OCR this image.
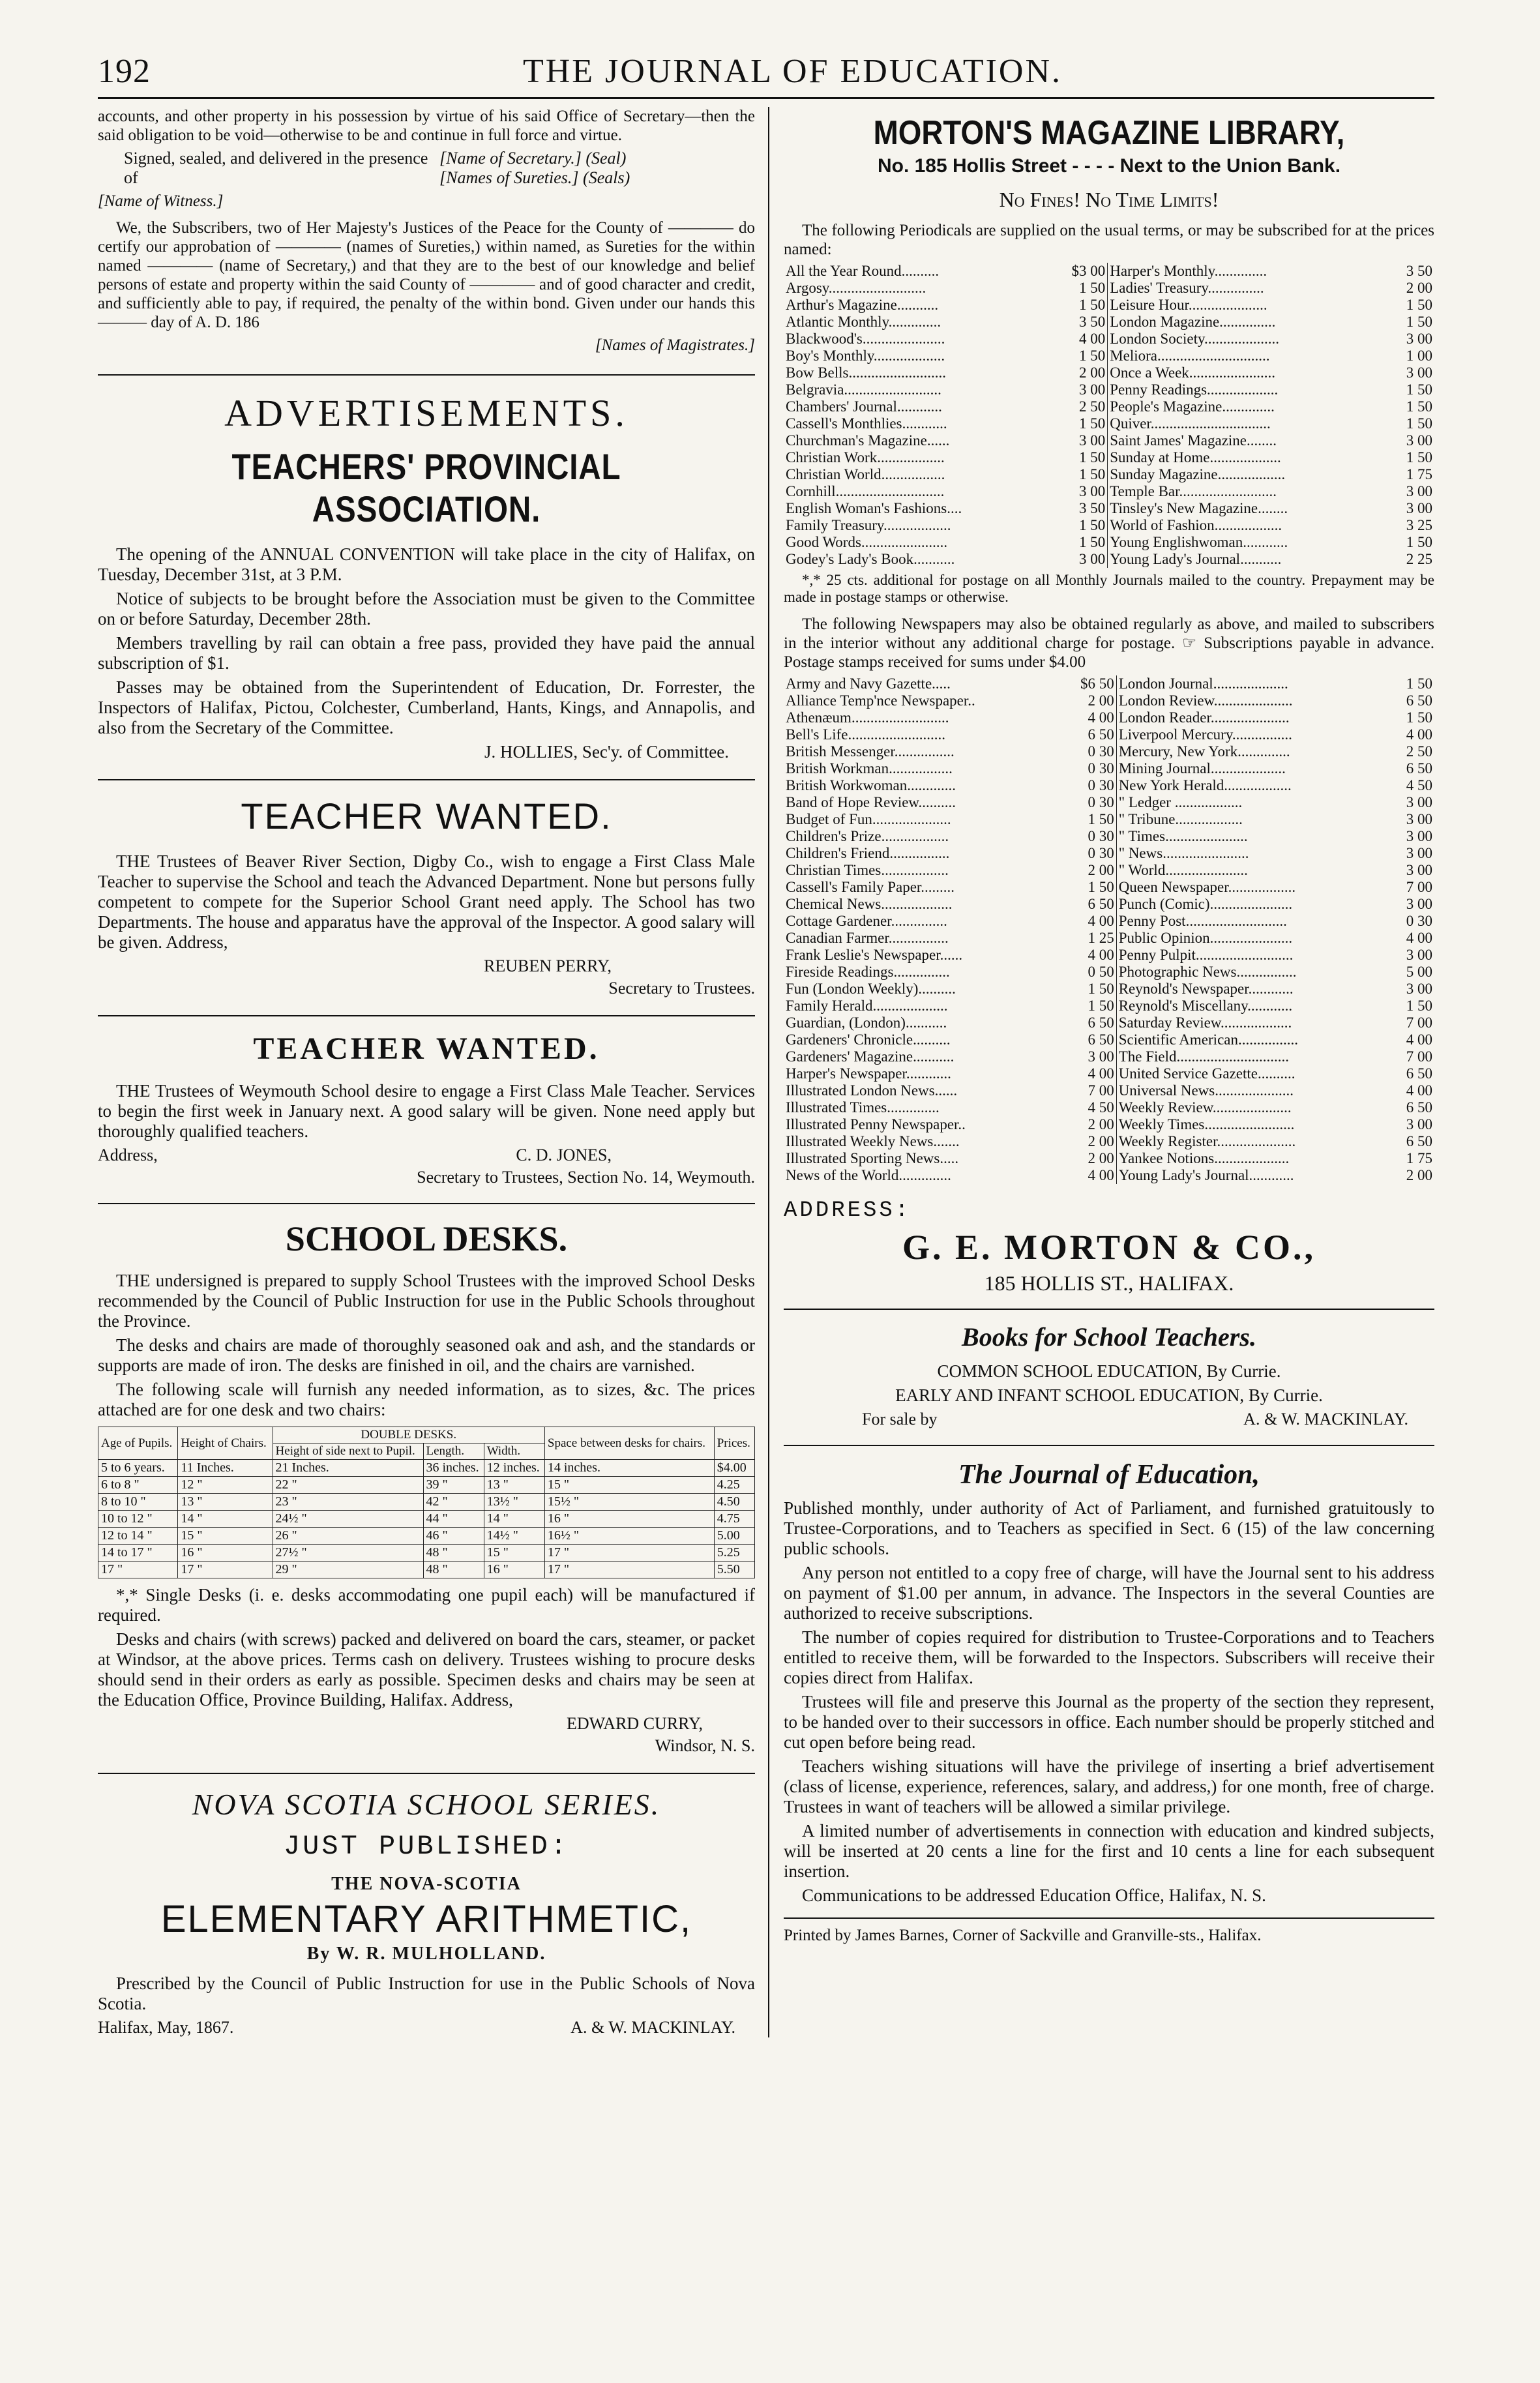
192	THE JOURNAL OF EDUCATION.

accounts, and other property in his possession by virtue of his said Office of Secretary—then the said obligation to be void—otherwise to be and continue in full force and virtue.

Signed, sealed, and delivered in the presence of
[Name of Secretary.] (Seal)
[Names of Sureties.] (Seals)

[Name of Witness.]

We, the Subscribers, two of Her Majesty's Justices of the Peace for the County of ———— do certify our approbation of ———— (names of Sureties,) within named, as Sureties for the within named ———— (name of Secretary,) and that they are to the best of our knowledge and belief persons of estate and property within the said County of ———— and of good character and credit, and sufficiently able to pay, if required, the penalty of the within bond. Given under our hands this ——— day of A. D. 186

[Names of Magistrates.]

ADVERTISEMENTS.
TEACHERS' PROVINCIAL ASSOCIATION.

The opening of the ANNUAL CONVENTION will take place in the city of Halifax, on Tuesday, December 31st, at 3 P.M.

Notice of subjects to be brought before the Association must be given to the Committee on or before Saturday, December 28th.

Members travelling by rail can obtain a free pass, provided they have paid the annual subscription of $1.

Passes may be obtained from the Superintendent of Education, Dr. Forrester, the Inspectors of Halifax, Pictou, Colchester, Cumberland, Hants, Kings, and Annapolis, and also from the Secretary of the Committee.

J. HOLLIES, Sec'y. of Committee.

TEACHER WANTED.

THE Trustees of Beaver River Section, Digby Co., wish to engage a First Class Male Teacher to supervise the School and teach the Advanced Department. None but persons fully competent to compete for the Superior School Grant need apply. The School has two Departments. The house and apparatus have the approval of the Inspector. A good salary will be given. Address,

REUBEN PERRY,
Secretary to Trustees.
TEACHER WANTED.

THE Trustees of Weymouth School desire to engage a First Class Male Teacher. Services to begin the first week in January next. A good salary will be given. None need apply but thoroughly qualified teachers.

Address,	C. D. JONES,
Secretary to Trustees, Section No. 14, Weymouth.
SCHOOL DESKS.

THE undersigned is prepared to supply School Trustees with the improved School Desks recommended by the Council of Public Instruction for use in the Public Schools throughout the Province.

The desks and chairs are made of thoroughly seasoned oak and ash, and the standards or supports are made of iron. The desks are finished in oil, and the chairs are varnished.

The following scale will furnish any needed information, as to sizes, &c. The prices attached are for one desk and two chairs:

Age of Pupils.	Height of Chairs.	DOUBLE DESKS.			Space between desks for chairs.	Prices.
		Height of side next to Pupil.	Length.	Width.		
5 to 6 years.	11 Inches.	21 Inches.	36 inches.	12 inches.	14 inches.	$4.00
6 to 8 "	12 "	22 "	39 "	13 "	15 "	4.25
8 to 10 "	13 "	23 "	42 "	13½ "	15½ "	4.50
10 to 12 "	14 "	24½ "	44 "	14 "	16 "	4.75
12 to 14 "	15 "	26 "	46 "	14½ "	16½ "	5.00
14 to 17 "	16 "	27½ "	48 "	15 "	17 "	5.25
17 "	17 "	29 "	48 "	16 "	17 "	5.50

*,* Single Desks (i. e. desks accommodating one pupil each) will be manufactured if required.

Desks and chairs (with screws) packed and delivered on board the cars, steamer, or packet at Windsor, at the above prices. Terms cash on delivery. Trustees wishing to procure desks should send in their orders as early as possible. Specimen desks and chairs may be seen at the Education Office, Province Building, Halifax. Address,

EDWARD CURRY,
Windsor, N. S.
NOVA SCOTIA SCHOOL SERIES.
JUST PUBLISHED:
THE NOVA-SCOTIA
ELEMENTARY ARITHMETIC,
By W. R. MULHOLLAND.

Prescribed by the Council of Public Instruction for use in the Public Schools of Nova Scotia.

Halifax, May, 1867.	A. & W. MACKINLAY.
MORTON'S MAGAZINE LIBRARY,
No. 185 Hollis Street - - - - Next to the Union Bank.
No Fines! No Time Limits!

The following Periodicals are supplied on the usual terms, or may be subscribed for at the prices named:

All the Year Round..........	$3 00	Harper's Monthly..............	3 50
Argosy..........................	1 50	Ladies' Treasury...............	2 00
Arthur's Magazine...........	1 50	Leisure Hour.....................	1 50
Atlantic Monthly..............	3 50	London Magazine...............	1 50
Blackwood's......................	4 00	London Society....................	3 00
Boy's Monthly...................	1 50	Meliora..............................	1 00
Bow Bells..........................	2 00	Once a Week.......................	3 00
Belgravia..........................	3 00	Penny Readings...................	1 50
Chambers' Journal............	2 50	People's Magazine..............	1 50
Cassell's Monthlies............	1 50	Quiver................................	1 50
Churchman's Magazine......	3 00	Saint James' Magazine........	3 00
Christian Work..................	1 50	Sunday at Home...................	1 50
Christian World.................	1 50	Sunday Magazine..................	1 75
Cornhill.............................	3 00	Temple Bar..........................	3 00
English Woman's Fashions....	3 50	Tinsley's New Magazine........	3 00
Family Treasury..................	1 50	World of Fashion..................	3 25
Good Words.......................	1 50	Young Englishwoman............	1 50
Godey's Lady's Book...........	3 00	Young Lady's Journal...........	2 25

*,* 25 cts. additional for postage on all Monthly Journals mailed to the country. Prepayment may be made in postage stamps or otherwise.

The following Newspapers may also be obtained regularly as above, and mailed to subscribers in the interior without any additional charge for postage. ☞ Subscriptions payable in advance. Postage stamps received for sums under $4.00

Army and Navy Gazette.....	$6 50	London Journal....................	1 50
Alliance Temp'nce Newspaper..	2 00	London Review.....................	6 50
Athenæum..........................	4 00	London Reader.....................	1 50
Bell's Life..........................	6 50	Liverpool Mercury................	4 00
British Messenger................	0 30	Mercury, New York..............	2 50
British Workman.................	0 30	Mining Journal....................	6 50
British Workwoman.............	0 30	New York Herald..................	4 50
Band of Hope Review..........	0 30	" Ledger ..................	3 00
Budget of Fun.....................	1 50	" Tribune..................	3 00
Children's Prize..................	0 30	" Times......................	3 00
Children's Friend................	0 30	" News.......................	3 00
Christian Times..................	2 00	" World......................	3 00
Cassell's Family Paper.........	1 50	Queen Newspaper..................	7 00
Chemical News...................	6 50	Punch (Comic)......................	3 00
Cottage Gardener...............	4 00	Penny Post...........................	0 30
Canadian Farmer................	1 25	Public Opinion......................	4 00
Frank Leslie's Newspaper......	4 00	Penny Pulpit..........................	3 00
Fireside Readings...............	0 50	Photographic News................	5 00
Fun (London Weekly)..........	1 50	Reynold's Newspaper............	3 00
Family Herald....................	1 50	Reynold's Miscellany............	1 50
Guardian, (London)...........	6 50	Saturday Review...................	7 00
Gardeners' Chronicle..........	6 50	Scientific American................	4 00
Gardeners' Magazine...........	3 00	The Field..............................	7 00
Harper's Newspaper............	4 00	United Service Gazette..........	6 50
Illustrated London News......	7 00	Universal News.....................	4 00
Illustrated Times..............	4 50	Weekly Review.....................	6 50
Illustrated Penny Newspaper..	2 00	Weekly Times........................	3 00
Illustrated Weekly News.......	2 00	Weekly Register.....................	6 50
Illustrated Sporting News.....	2 00	Yankee Notions....................	1 75
News of the World..............	4 00	Young Lady's Journal............	2 00
ADDRESS:
G. E. MORTON & CO.,
185 HOLLIS ST., HALIFAX.
Books for School Teachers.

COMMON SCHOOL EDUCATION, By Currie.

EARLY AND INFANT SCHOOL EDUCATION, By Currie.

For sale by	A. & W. MACKINLAY.
The Journal of Education,

Published monthly, under authority of Act of Parliament, and furnished gratuitously to Trustee-Corporations, and to Teachers as specified in Sect. 6 (15) of the law concerning public schools.

Any person not entitled to a copy free of charge, will have the Journal sent to his address on payment of $1.00 per annum, in advance. The Inspectors in the several Counties are authorized to receive subscriptions.

The number of copies required for distribution to Trustee-Corporations and to Teachers entitled to receive them, will be forwarded to the Inspectors. Subscribers will receive their copies direct from Halifax.

Trustees will file and preserve this Journal as the property of the section they represent, to be handed over to their successors in office. Each number should be properly stitched and cut open before being read.

Teachers wishing situations will have the privilege of inserting a brief advertisement (class of license, experience, references, salary, and address,) for one month, free of charge. Trustees in want of teachers will be allowed a similar privilege.

A limited number of advertisements in connection with education and kindred subjects, will be inserted at 20 cents a line for the first and 10 cents a line for each subsequent insertion.

Communications to be addressed Education Office, Halifax, N. S.

Printed by James Barnes, Corner of Sackville and Granville-sts., Halifax.
